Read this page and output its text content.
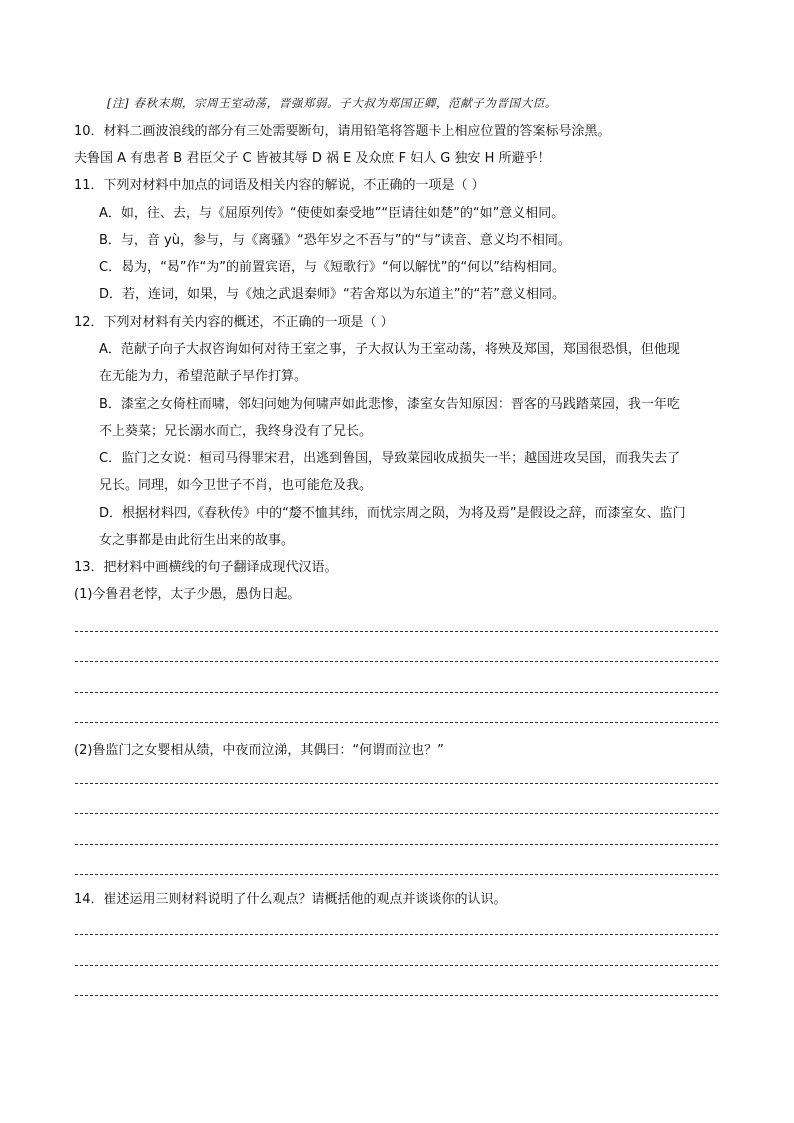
[注] 春秋末期，宗周王室动荡，晋强郑弱。子大叔为郑国正卿，范献子为晋国大臣。
10．材料二画波浪线的部分有三处需要断句，请用铅笔将答题卡上相应位置的答案标号涂黑。
夫鲁国 A 有患者 B 君臣父子 C 皆被其辱 D 祸 E 及众庶 F 妇人 G 独安 H 所避乎！
11．下列对材料中加点的词语及相关内容的解说，不正确的一项是（ ）
A．如，往、去，与《屈原列传》“使使如秦受地”“臣请往如楚”的“如”意义相同。
B．与，音 yù，参与，与《离骚》“恐年岁之不吾与”的“与”读音、意义均不相同。
C．曷为，“曷”作“为”的前置宾语，与《短歌行》“何以解忧”的“何以”结构相同。
D．若，连词，如果，与《烛之武退秦师》“若舍郑以为东道主”的“若”意义相同。
12．下列对材料有关内容的概述，不正确的一项是（ ）
A．范献子向子大叔咨询如何对待王室之事，子大叔认为王室动荡，将殃及郑国，郑国很恐惧，但他现
在无能为力，希望范献子早作打算。
B．漆室之女倚柱而啸，邻妇问她为何啸声如此悲惨，漆室女告知原因：晋客的马践踏菜园，我一年吃
不上葵菜；兄长溺水而亡，我终身没有了兄长。
C．监门之女说：桓司马得罪宋君，出逃到鲁国，导致菜园收成损失一半；越国进攻吴国，而我失去了
兄长。同理，如今卫世子不肖，也可能危及我。
D．根据材料四,《春秋传》中的“嫠不恤其纬，而忧宗周之陨，为将及焉”是假设之辞，而漆室女、监门
女之事都是由此衍生出来的故事。
13．把材料中画横线的句子翻译成现代汉语。
(1)今鲁君老悖，太子少愚，愚伪日起。
(2)鲁监门之女婴相从绩，中夜而泣涕，其偶曰：“何谓而泣也？”
14．崔述运用三则材料说明了什么观点？请概括他的观点并谈谈你的认识。
